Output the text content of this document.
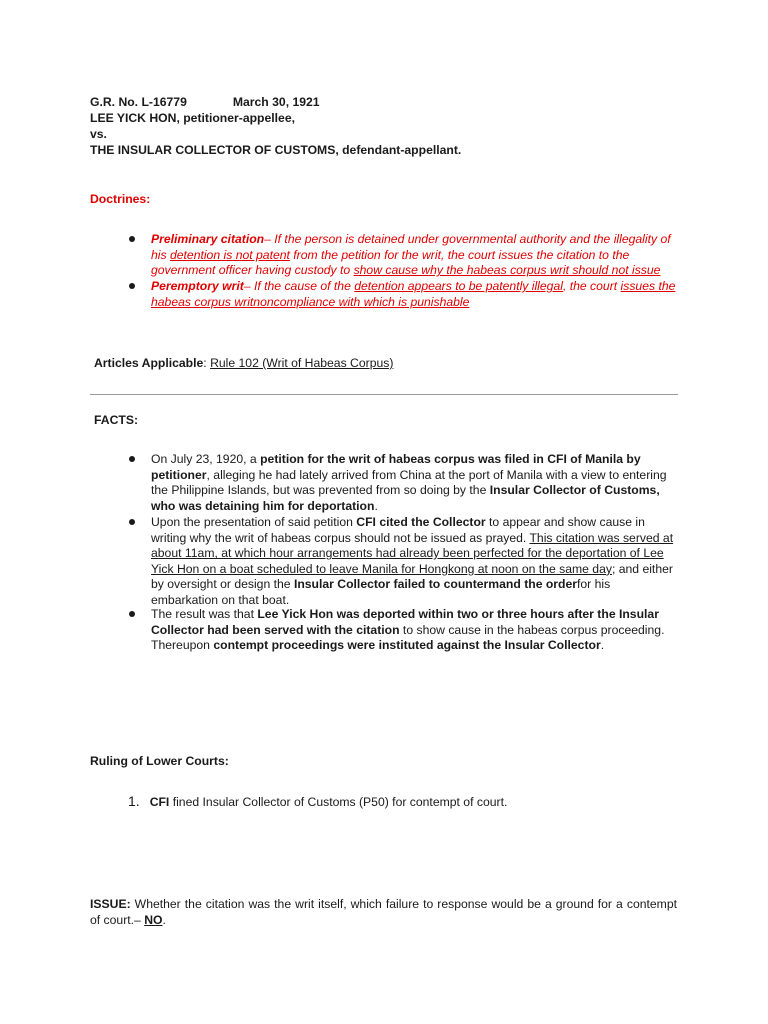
G.R. No. L-16779	March 30, 1921
LEE YICK HON, petitioner-appellee,
vs.
THE INSULAR COLLECTOR OF CUSTOMS, defendant-appellant.
Doctrines:
Preliminary citation– If the person is detained under governmental authority and the illegality of his detention is not patent from the petition for the writ, the court issues the citation to the government officer having custody to show cause why the habeas corpus writ should not issue
Peremptory writ– If the cause of the detention appears to be patently illegal, the court issues the habeas corpus writnoncompliance with which is punishable
Articles Applicable: Rule 102 (Writ of Habeas Corpus)
FACTS:
On July 23, 1920, a petition for the writ of habeas corpus was filed in CFI of Manila by petitioner, alleging he had lately arrived from China at the port of Manila with a view to entering the Philippine Islands, but was prevented from so doing by the Insular Collector of Customs, who was detaining him for deportation.
Upon the presentation of said petition CFI cited the Collector to appear and show cause in writing why the writ of habeas corpus should not be issued as prayed. This citation was served at about 11am, at which hour arrangements had already been perfected for the deportation of Lee Yick Hon on a boat scheduled to leave Manila for Hongkong at noon on the same day; and either by oversight or design the Insular Collector failed to countermand the orderfor his embarkation on that boat.
The result was that Lee Yick Hon was deported within two or three hours after the Insular Collector had been served with the citation to show cause in the habeas corpus proceeding. Thereupon contempt proceedings were instituted against the Insular Collector.
Ruling of Lower Courts:
1. CFI fined Insular Collector of Customs (P50) for contempt of court.
ISSUE: Whether the citation was the writ itself, which failure to response would be a ground for a contempt of court.– NO.
